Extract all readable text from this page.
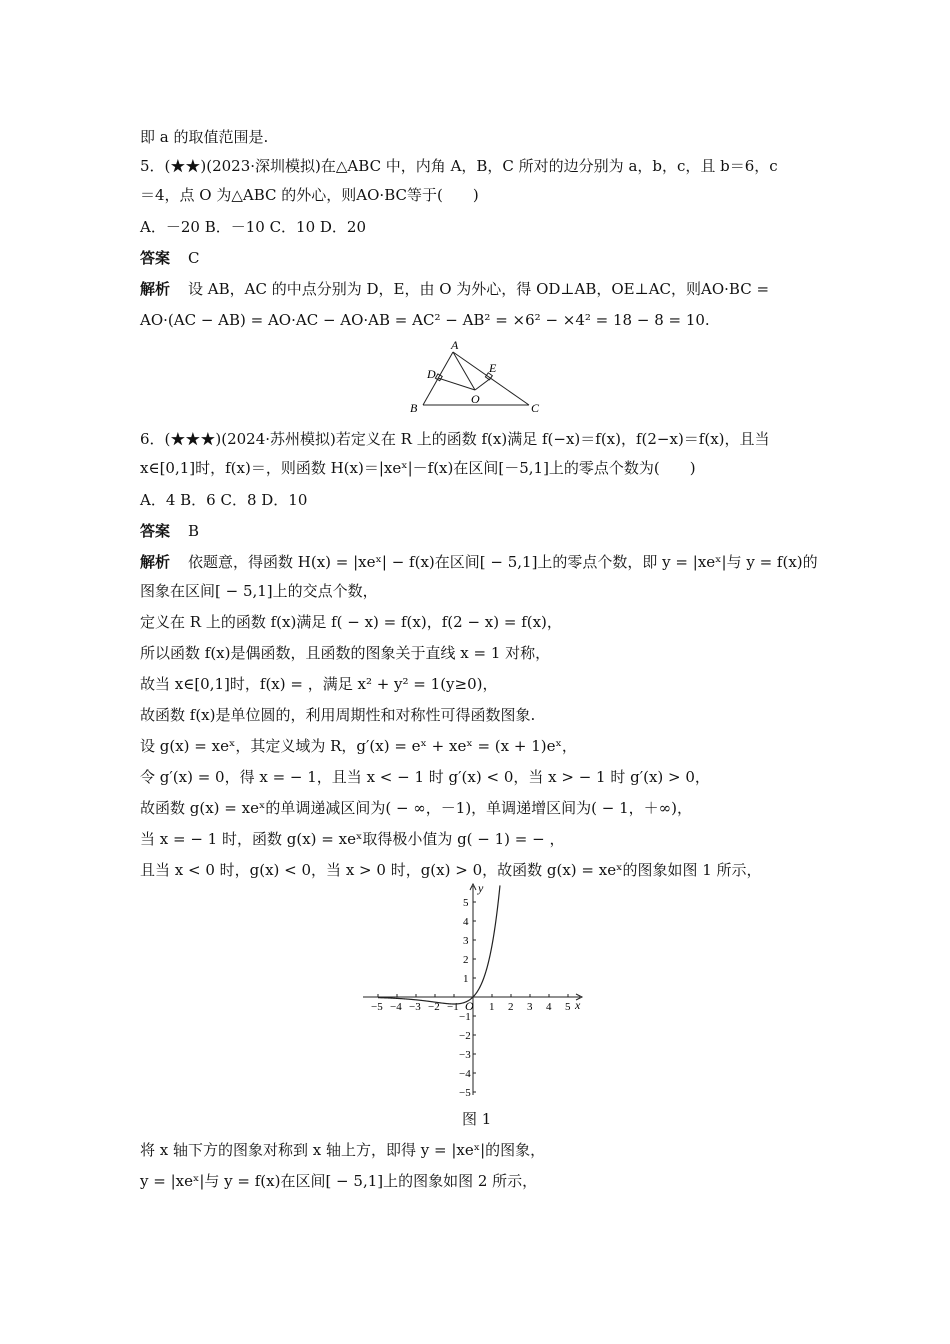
即 a 的取值范围是.
5．(★★)(2023·深圳模拟)在△ABC 中，内角 A，B，C 所对的边分别为 a，b，c，且 b＝6，c
＝4，点 O 为△ABC 的外心，则AO·BC等于(　　)
A．－20 B．－10 C．10 D．20
答案 C
解析 设 AB，AC 的中点分别为 D，E，由 O 为外心，得 OD⊥AB，OE⊥AC，则AO·BC =
AO·(AC − AB) = AO·AC − AO·AB = AC² − AB² = ×6² − ×4² = 18 − 8 = 10.
A
B	C
D	E
O
6．(★★★)(2024·苏州模拟)若定义在 R 上的函数 f(x)满足 f(−x)＝f(x)，f(2−x)＝f(x)，且当
x∈[0,1]时，f(x)＝，则函数 H(x)＝|xeˣ|－f(x)在区间[－5,1]上的零点个数为(　　)
A．4 B．6 C．8 D．10
答案 B
解析 依题意，得函数 H(x) = |xeˣ| − f(x)在区间[ − 5,1]上的零点个数，即 y = |xeˣ|与 y = f(x)的
图象在区间[ − 5,1]上的交点个数，
定义在 R 上的函数 f(x)满足 f( − x) = f(x)，f(2 − x) = f(x)，
所以函数 f(x)是偶函数，且函数的图象关于直线 x = 1 对称，
故当 x∈[0,1]时，f(x) = ，满足 x² + y² = 1(y≥0)，
故函数 f(x)是单位圆的，利用周期性和对称性可得函数图象.
设 g(x) = xeˣ，其定义域为 R，g′(x) = eˣ + xeˣ = (x + 1)eˣ，
令 g′(x) = 0，得 x = − 1，且当 x < − 1 时 g′(x) < 0，当 x > − 1 时 g′(x) > 0，
故函数 g(x) = xeˣ的单调递减区间为( − ∞，－1)，单调递增区间为( − 1，＋∞)，
当 x = − 1 时，函数 g(x) = xeˣ取得极小值为 g( − 1) = − ，
且当 x < 0 时，g(x) < 0，当 x > 0 时，g(x) > 0，故函数 g(x) = xeˣ的图象如图 1 所示，
−5 −4 −3 −2 −1	1 2 3 4 5
5
4
3
2
1
−1
−2
−3
−4
−5
x
y
O
图 1
将 x 轴下方的图象对称到 x 轴上方，即得 y = |xeˣ|的图象，
y = |xeˣ|与 y = f(x)在区间[ − 5,1]上的图象如图 2 所示，
